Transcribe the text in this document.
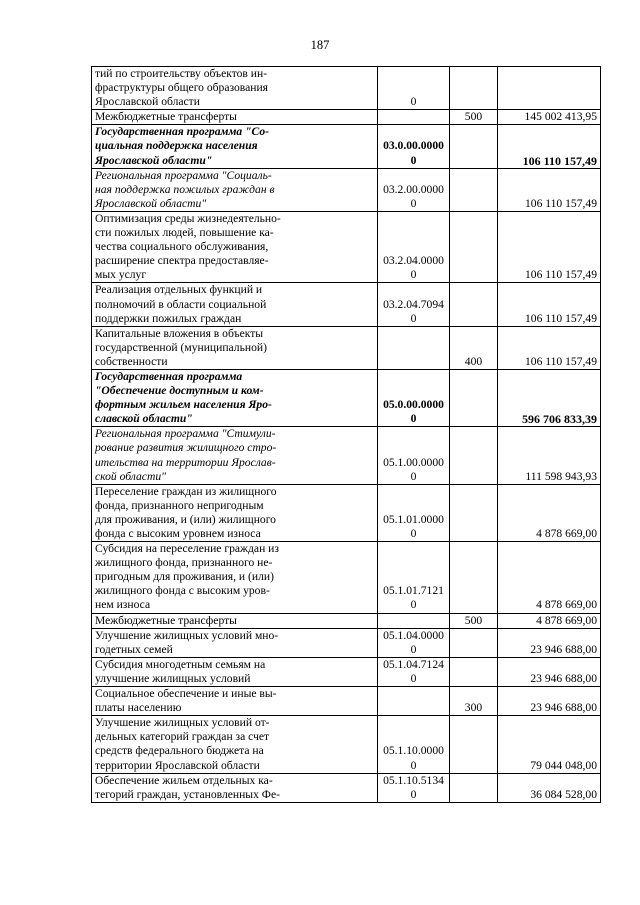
187
тий по строительству объектов ин-
фраструктуры общего образования
Ярославской области	0		
Межбюджетные трансферты		500	145 002 413,95
Государственная программа "Со-
циальная поддержка населения
Ярославской области"	03.0.00.0000
0		106 110 157,49
Региональная программа "Социаль-
ная поддержка пожилых граждан в
Ярославской области"	03.2.00.0000
0		106 110 157,49
Оптимизация среды жизнедеятельно-
сти пожилых людей, повышение ка-
чества социального обслуживания,
расширение спектра предоставляе-
мых услуг	03.2.04.0000
0		106 110 157,49
Реализация отдельных функций и
полномочий в области социальной
поддержки пожилых граждан	03.2.04.7094
0		106 110 157,49
Капитальные вложения в объекты
государственной (муниципальной)
собственности		400	106 110 157,49
Государственная программа
"Обеспечение доступным и ком-
фортным жильем населения Яро-
славской области"	05.0.00.0000
0		596 706 833,39
Региональная программа "Стимули-
рование развития жилищного стро-
ительства на территории Ярослав-
ской области"	05.1.00.0000
0		111 598 943,93
Переселение граждан из жилищного
фонда, признанного непригодным
для проживания, и (или) жилищного
фонда с высоким уровнем износа	05.1.01.0000
0		4 878 669,00
Субсидия на переселение граждан из
жилищного фонда, признанного не-
пригодным для проживания, и (или)
жилищного фонда с высоким уров-
нем износа	05.1.01.7121
0		4 878 669,00
Межбюджетные трансферты		500	4 878 669,00
Улучшение жилищных условий мно-
годетных семей	05.1.04.0000
0		23 946 688,00
Субсидия многодетным семьям на
улучшение жилищных условий	05.1.04.7124
0		23 946 688,00
Социальное обеспечение и иные вы-
платы населению		300	23 946 688,00
Улучшение жилищных условий от-
дельных категорий граждан за счет
средств федерального бюджета на
территории Ярославской области	05.1.10.0000
0		79 044 048,00
Обеспечение жильем отдельных ка-
тегорий граждан, установленных Фе-	05.1.10.5134
0		36 084 528,00
